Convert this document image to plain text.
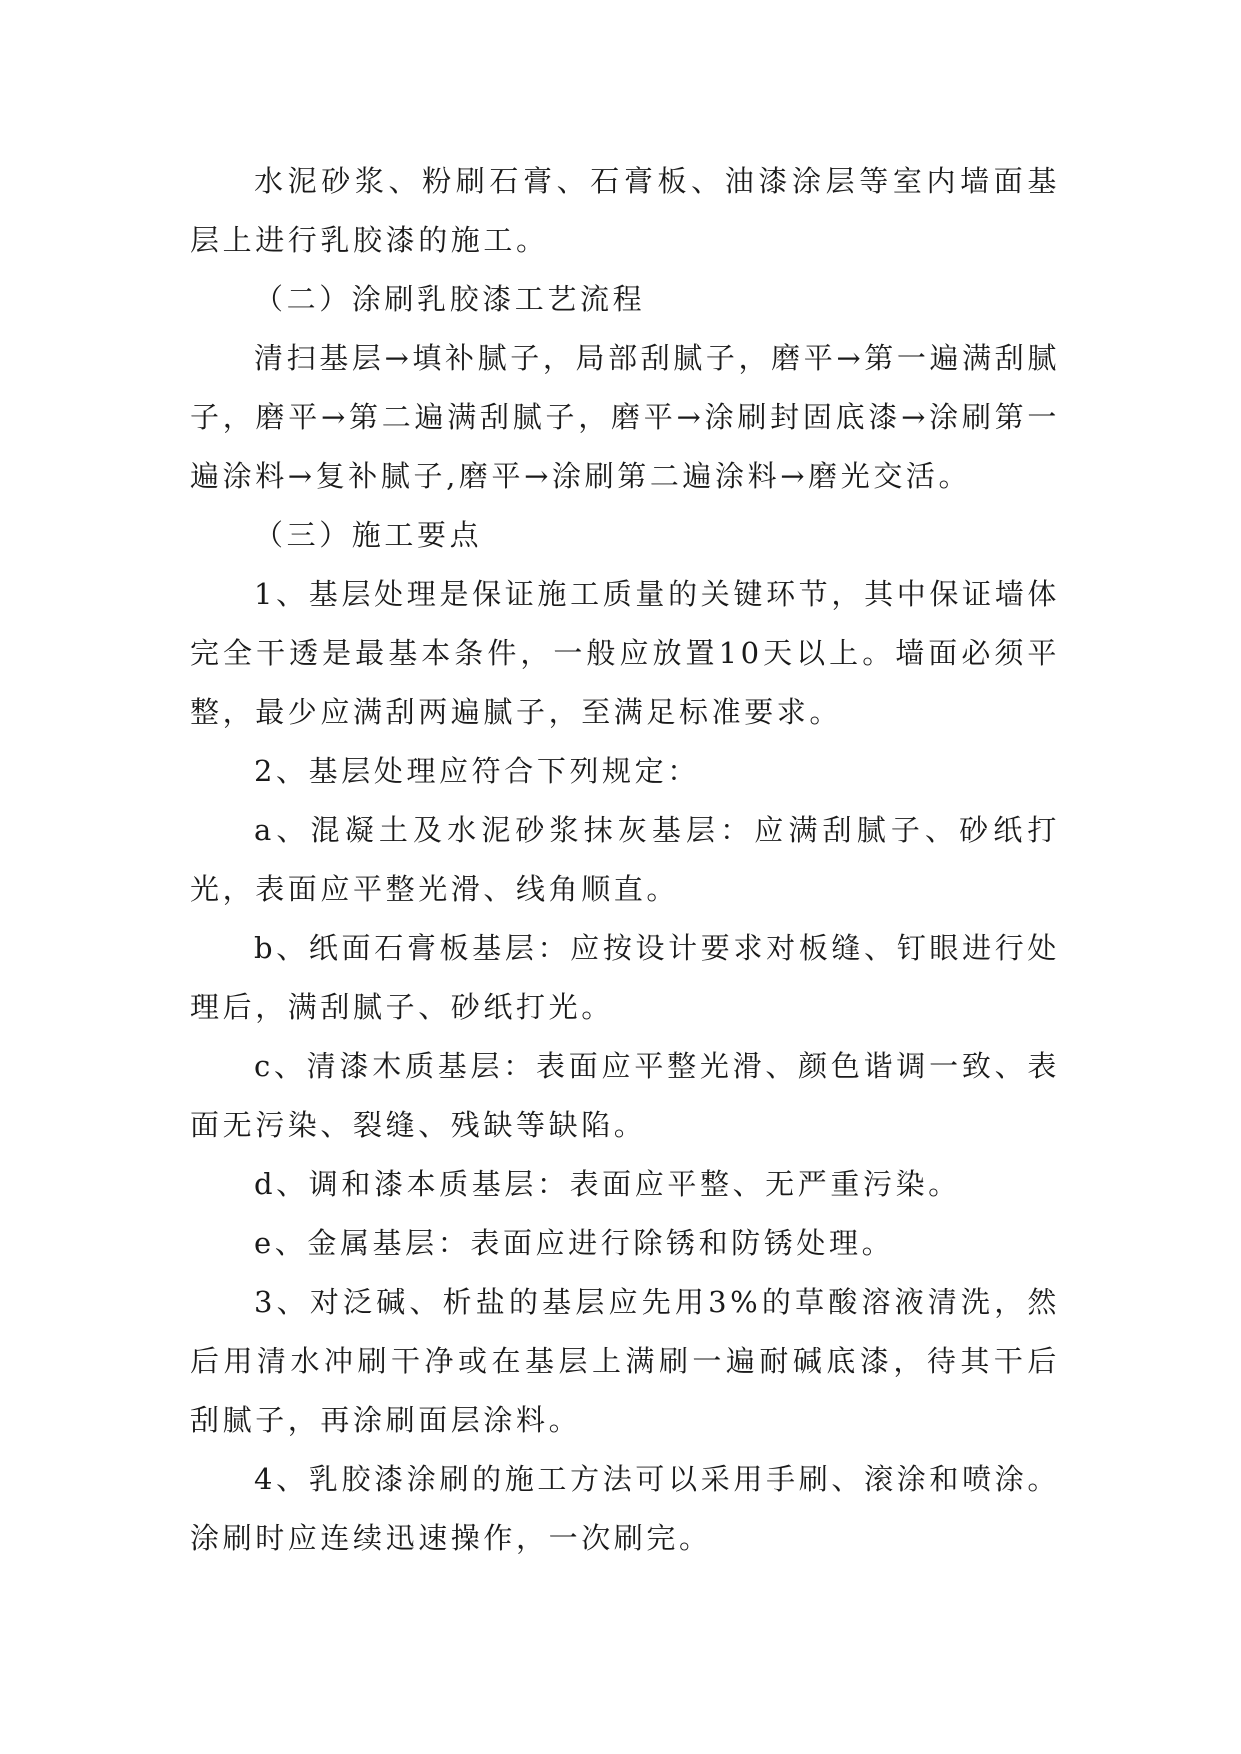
水泥砂浆、粉刷石膏、石膏板、油漆涂层等室内墙面基层上进行乳胶漆的施工。

（二）涂刷乳胶漆工艺流程

清扫基层→填补腻子，局部刮腻子，磨平→第一遍满刮腻子，磨平→第二遍满刮腻子，磨平→涂刷封固底漆→涂刷第一遍涂料→复补腻子,磨平→涂刷第二遍涂料→磨光交活。

（三）施工要点

1、基层处理是保证施工质量的关键环节，其中保证墙体完全干透是最基本条件，一般应放置10天以上。墙面必须平整，最少应满刮两遍腻子，至满足标准要求。

2、基层处理应符合下列规定：

a、混凝土及水泥砂浆抹灰基层：应满刮腻子、砂纸打光，表面应平整光滑、线角顺直。

b、纸面石膏板基层：应按设计要求对板缝、钉眼进行处理后，满刮腻子、砂纸打光。

c、清漆木质基层：表面应平整光滑、颜色谐调一致、表面无污染、裂缝、残缺等缺陷。

d、调和漆本质基层：表面应平整、无严重污染。

e、金属基层：表面应进行除锈和防锈处理。

3、对泛碱、析盐的基层应先用3%的草酸溶液清洗，然后用清水冲刷干净或在基层上满刷一遍耐碱底漆，待其干后刮腻子，再涂刷面层涂料。

4、乳胶漆涂刷的施工方法可以采用手刷、滚涂和喷涂。涂刷时应连续迅速操作，一次刷完。
